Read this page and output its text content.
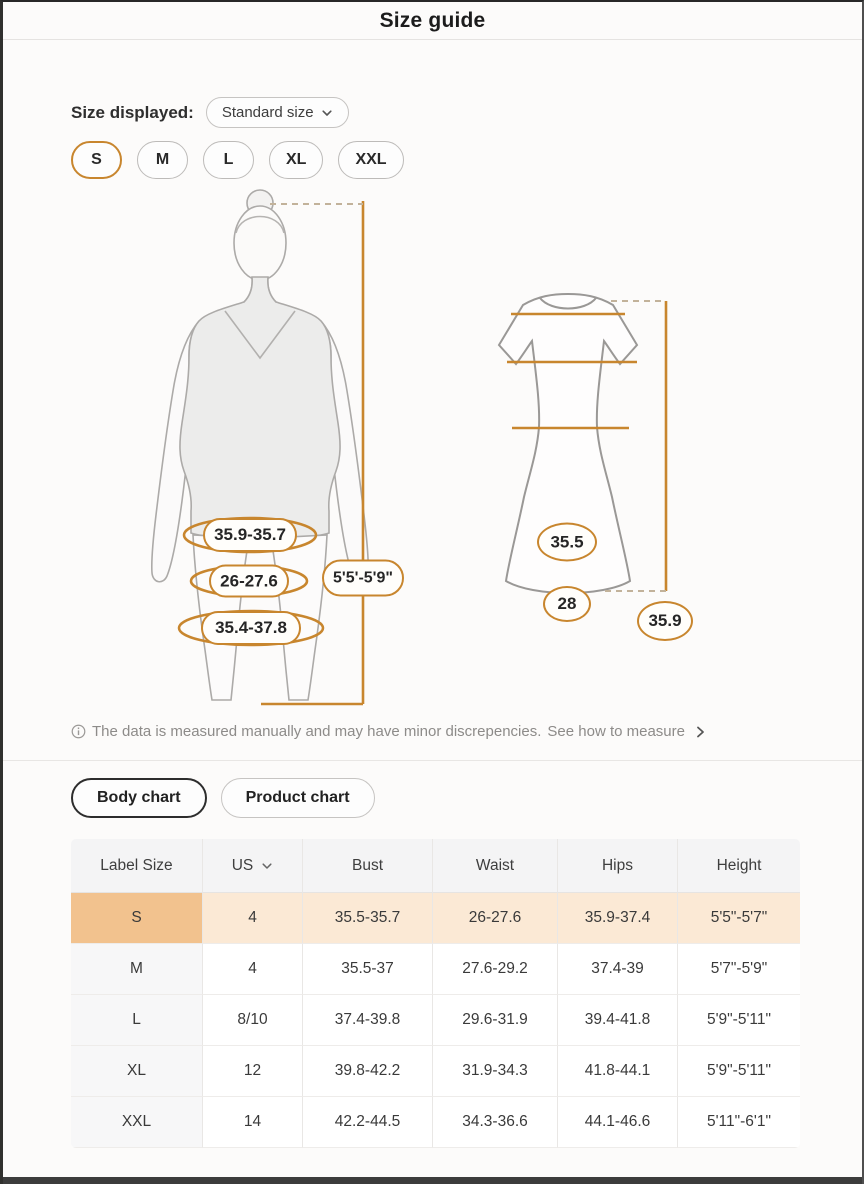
Size guide
Size displayed: Standard size
S	M	L	XL	XXL
35.9-35.7
26-27.6
35.4-37.8
5'5'-5'9"
35.5
28
35.9
The data is measured manually and may have minor discrepencies. See how to measure
Body chart	Product chart
Label Size	US	Bust	Waist	Hips	Height
S	4	35.5-35.7	26-27.6	35.9-37.4	5'5"-5'7"
M	4	35.5-37	27.6-29.2	37.4-39	5'7"-5'9"
L	8/10	37.4-39.8	29.6-31.9	39.4-41.8	5'9"-5'11"
XL	12	39.8-42.2	31.9-34.3	41.8-44.1	5'9"-5'11"
XXL	14	42.2-44.5	34.3-36.6	44.1-46.6	5'11"-6'1"
